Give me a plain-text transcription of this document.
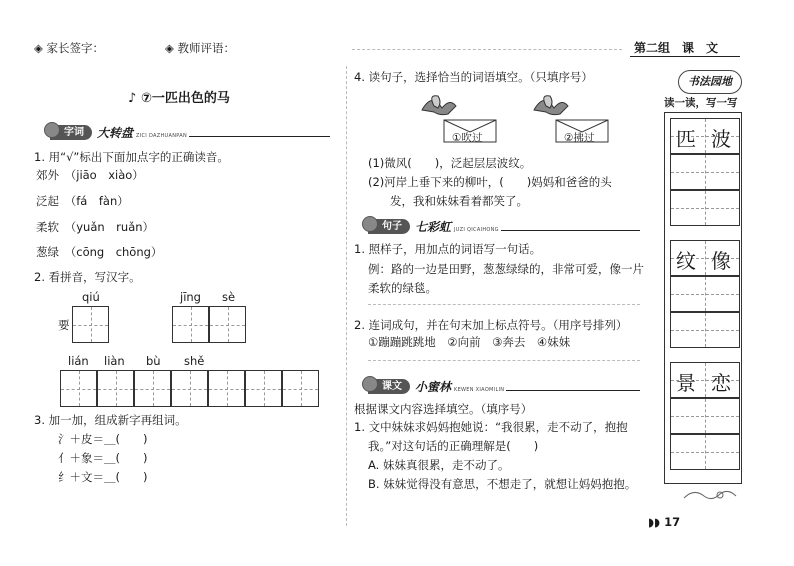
◈ 家长签字：	◈ 教师评语：	第二组　课　文
♪ ⑦一匹出色的马
字词	大转盘 ZICI DAZHUANPAN
1. 用“√”标出下面加点字的正确读音。
郊外　 （jiāo　xiào）
泛起　 （fá　fàn）
柔软　 （yuǎn　ruǎn）
葱绿　 （cōng　chōng）
2. 看拼音，写汉字。
qiú	jīng sè
要
lián liàn bù shě
3. 加一加，组成新字再组词。
氵＋皮＝＿(　　)
亻＋象＝＿(　　)
纟＋文＝＿(　　)
4. 读句子，选择恰当的词语填空。（只填序号）
①吹过	②拂过
(1)微风(　　)，泛起层层波纹。
(2)河岸上垂下来的柳叶，(　　)妈妈和爸爸的头
发，我和妹妹看着都笑了。
句子	七彩虹 JUZI QICAIHONG
1. 照样子，用加点的词语写一句话。
例：路的一边是田野，葱葱绿绿的，非常可爱，像一片
柔软的绿毯。
2. 连词成句，并在句末加上标点符号。（用序号排列）
①蹦蹦跳跳地　②向前　③奔去　④妹妹
课文	小蜜林 KEWEN XIAOMILIN
根据课文内容选择填空。（填序号）
1. 文中妹妹求妈妈抱她说：“我很累，走不动了，抱抱
我。”对这句话的正确理解是(　　)
A. 妹妹真很累，走不动了。
B. 妹妹觉得没有意思，不想走了，就想让妈妈抱抱。
书法园地
读一读，写一写
匹 波
纹 像
景 恋
◗◗ 17
